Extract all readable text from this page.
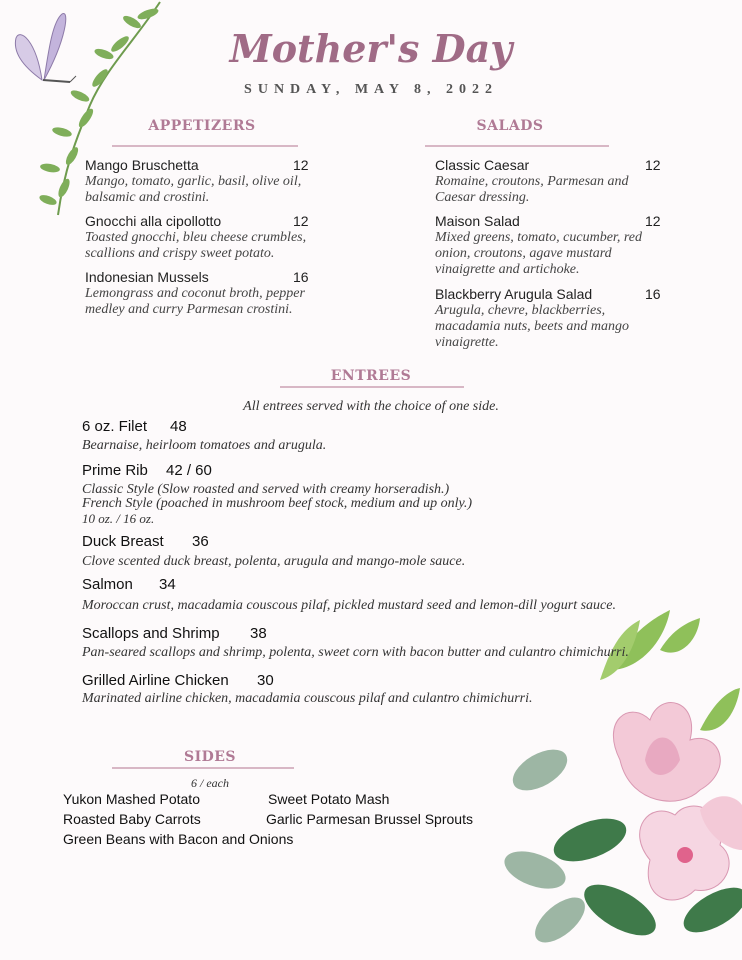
Mother's Day
SUNDAY, MAY 8, 2022
APPETIZERS
Mango Bruschetta	12
Mango, tomato, garlic, basil, olive oil, balsamic and crostini.
Gnocchi alla cipollotto	12
Toasted gnocchi, bleu cheese crumbles, scallions and crispy sweet potato.
Indonesian Mussels	16
Lemongrass and coconut broth, pepper medley and curry Parmesan crostini.
SALADS
Classic Caesar	12
Romaine, croutons, Parmesan and Caesar dressing.
Maison Salad	12
Mixed greens, tomato, cucumber, red onion, croutons, agave mustard vinaigrette and artichoke.
Blackberry Arugula Salad	16
Arugula, chevre, blackberries, macadamia nuts, beets and mango vinaigrette.
ENTREES
All entrees served with the choice of one side.
6 oz. Filet 48
Bearnaise, heirloom tomatoes and arugula.
Prime Rib 42 / 60
Classic Style (Slow roasted and served with creamy horseradish.)
French Style (poached in mushroom beef stock, medium and up only.)
10 oz. / 16 oz.
Duck Breast 36
Clove scented duck breast, polenta, arugula and mango-mole sauce.
Salmon 34
Moroccan crust, macadamia couscous pilaf, pickled mustard seed and lemon-dill yogurt sauce.
Scallops and Shrimp 38
Pan-seared scallops and shrimp, polenta, sweet corn with bacon butter and culantro chimichurri.
Grilled Airline Chicken 30
Marinated airline chicken, macadamia couscous pilaf and culantro chimichurri.
SIDES
6 / each
Yukon Mashed Potato	Sweet Potato Mash
Roasted Baby Carrots	Garlic Parmesan Brussel Sprouts
Green Beans with Bacon and Onions
